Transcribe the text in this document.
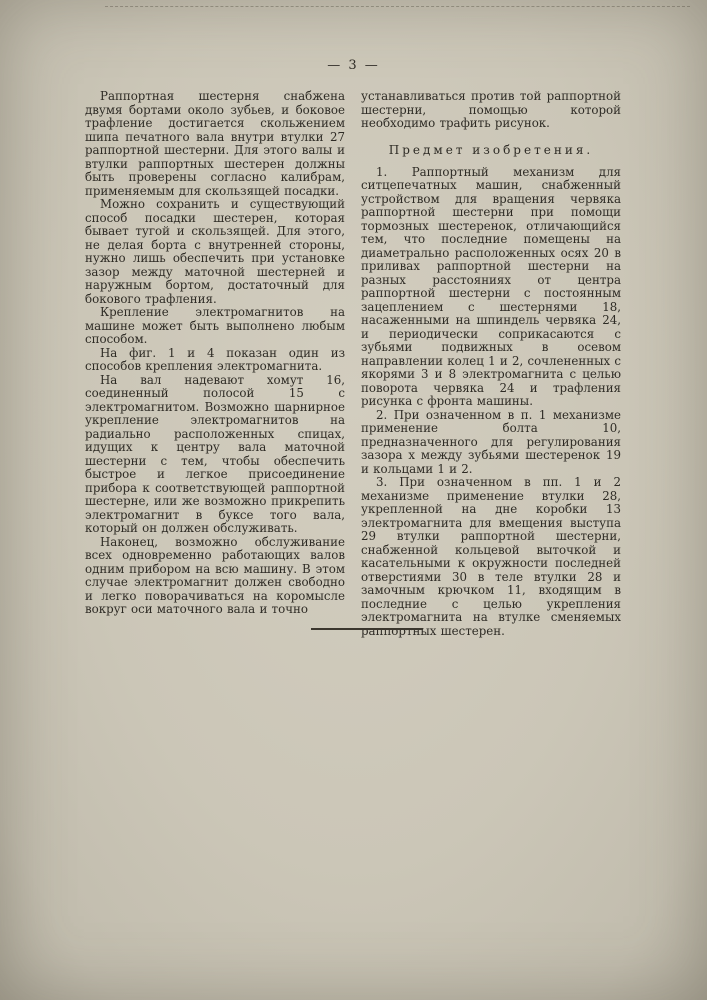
— 3 —

Раппортная шестерня снабжена двумя бортами около зубьев, и боковое трафление достигается скольжением шипа печатного вала внутри втулки 27 раппортной шестерни. Для этого валы и втулки раппортных шестерен должны быть проверены согласно калибрам, применяемым для скользящей посадки.

Можно сохранить и существующий способ посадки шестерен, которая бывает тугой и скользящей. Для этого, не делая борта с внутренней стороны, нужно лишь обеспечить при установке зазор между маточной шестерней и наружным бортом, достаточный для бокового трафления.

Крепление электромагнитов на машине может быть выполнено любым способом.

На фиг. 1 и 4 показан один из способов крепления электромагнита.

На вал надевают хомут 16, соединенный полосой 15 с электромагнитом. Возможно шарнирное укрепление электромагнитов на радиально расположенных спицах, идущих к центру вала маточной шестерни с тем, чтобы обеспечить быстрое и легкое присоединение прибора к соответствующей раппортной шестерне, или же возможно прикрепить электромагнит в буксе того вала, который он должен обслуживать.

Наконец, возможно обслуживание всех одновременно работающих валов одним прибором на всю машину. В этом случае электромагнит должен свободно и легко поворачиваться на коромысле вокруг оси маточного вала и точно

устанавливаться против той раппортной шестерни, помощью которой необходимо трафить рисунок.

Предмет изобретения.

1. Раппортный механизм для ситцепечатных машин, снабженный устройством для вращения червяка раппортной шестерни при помощи тормозных шестеренок, отличающийся тем, что последние помещены на диаметрально расположенных осях 20 в приливах раппортной шестерни на разных расстояниях от центра раппортной шестерни с постоянным зацеплением с шестернями 18, насаженными на шпиндель червяка 24, и периодически соприкасаются с зубьями подвижных в осевом направлении колец 1 и 2, сочлененных с якорями 3 и 8 электромагнита с целью поворота червяка 24 и трафления рисунка с фронта машины.

2. При означенном в п. 1 механизме применение болта 10, предназначенного для регулирования зазора x между зубьями шестеренок 19 и кольцами 1 и 2.

3. При означенном в пп. 1 и 2 механизме применение втулки 28, укрепленной на дне коробки 13 электромагнита для вмещения выступа 29 втулки раппортной шестерни, снабженной кольцевой выточкой и касательными к окружности последней отверстиями 30 в теле втулки 28 и замочным крючком 11, входящим в последние с целью укрепления электромагнита на втулке сменяемых раппортных шестерен.
